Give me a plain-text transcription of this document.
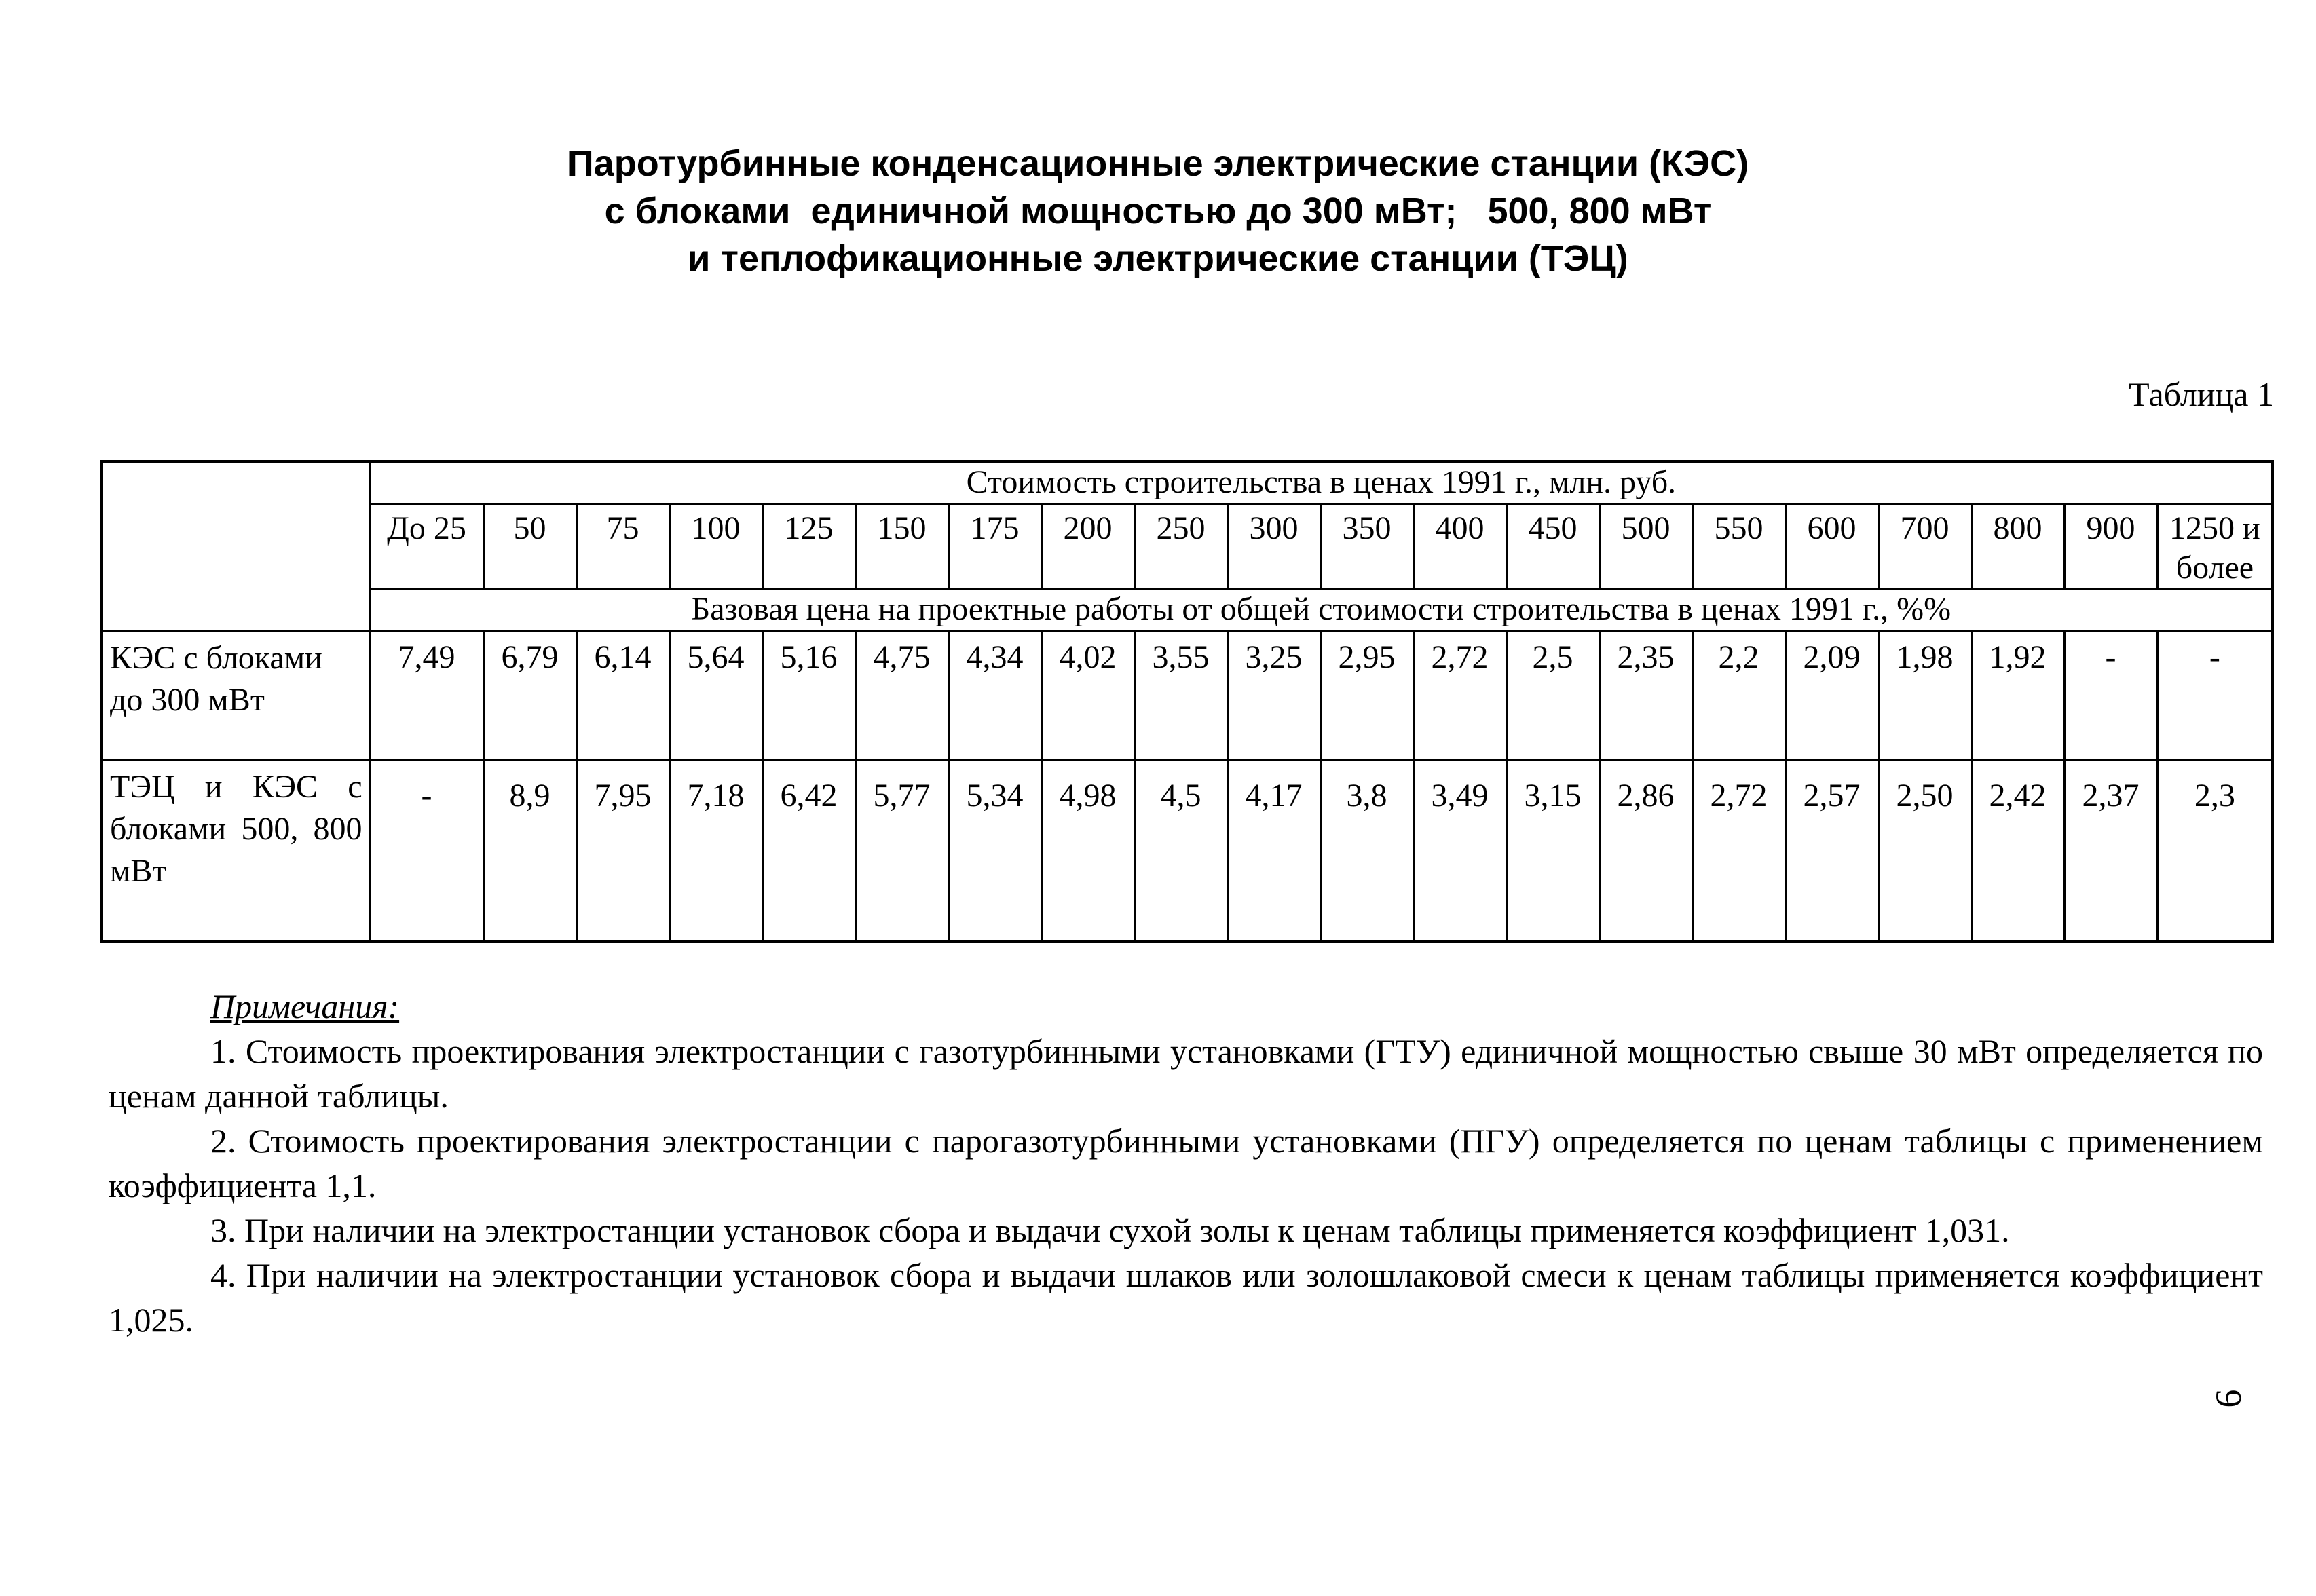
Паротурбинные конденсационные электрические станции (КЭС)
с блоками  единичной мощностью до 300 мВт;   500, 800 мВт
и теплофикационные электрические станции (ТЭЦ)
Таблица 1
	Стоимость строительства в ценах 1991 г., млн. руб.																			
	До 25	50	75	100	125	150	175	200	250	300	350	400	450	500	550	600	700	800	900	1250 и более
	Базовая цена на проектные работы от общей стоимости строительства в ценах 1991 г., %%																			
КЭС с блоками до 300 мВт	7,49	6,79	6,14	5,64	5,16	4,75	4,34	4,02	3,55	3,25	2,95	2,72	2,5	2,35	2,2	2,09	1,98	1,92	-	-
ТЭЦ и КЭС с блоками 500, 800 мВт	-	8,9	7,95	7,18	6,42	5,77	5,34	4,98	4,5	4,17	3,8	3,49	3,15	2,86	2,72	2,57	2,50	2,42	2,37	2,3
Примечания:

1. Стоимость проектирования электростанции с газотурбинными установками (ГТУ) единичной мощностью свыше 30 мВт определяется по ценам данной таблицы.

2. Стоимость проектирования электростанции с парогазотурбинными установками (ПГУ) определяется по ценам таблицы с применением коэффициента 1,1.

3. При наличии на электростанции установок сбора и выдачи сухой золы к ценам таблицы применяется коэффициент 1,031.

4. При наличии на электростанции установок сбора и выдачи шлаков или золошлаковой смеси к ценам таблицы применяется коэффициент 1,025.

9
